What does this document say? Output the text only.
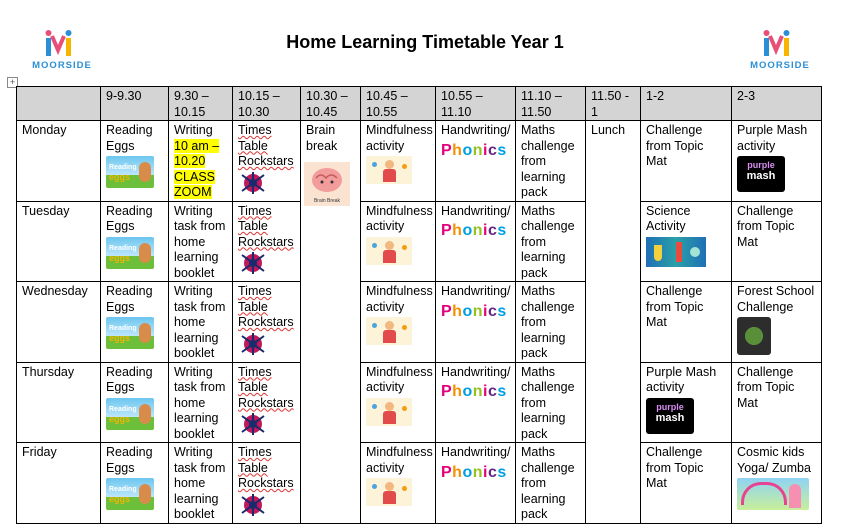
MOORSIDE
Home Learning Timetable Year 1
MOORSIDE
+
	9-9.30	9.30 – 10.15	10.15 – 10.30	10.30 – 10.45	10.45 – 10.55	10.55 – 11.10	11.10 – 11.50	11.50 - 1	1-2	2-3
Monday	Reading Eggs
Reading
eggs	Writing
10 am – 10.20 CLASS ZOOM	Times Table Rockstars	Brain break
Brain Break	Mindfulness activity	Handwriting/
Phonics	Maths challenge from learning pack	Lunch	Challenge from Topic Mat	Purple Mash activity
purple
mash

Tuesday	Reading Eggs
Reading
eggs	Writing task from home learning booklet	Times Table Rockstars		Mindfulness activity	Handwriting/
Phonics	Maths challenge from learning pack		Science Activity	Challenge from Topic Mat
Wednesday	Reading Eggs
Reading
eggs	Writing task from home learning booklet	Times Table Rockstars		Mindfulness activity	Handwriting/
Phonics	Maths challenge from learning pack		Challenge from Topic Mat	Forest School Challenge

Thursday	Reading Eggs
Reading
eggs	Writing task from home learning booklet	Times Table Rockstars		Mindfulness activity	Handwriting/
Phonics	Maths challenge from learning pack		Purple Mash activity
purple
mash	Challenge from Topic Mat
Friday	Reading Eggs
Reading
eggs	Writing task from home learning booklet	Times Table Rockstars		Mindfulness activity	Handwriting/
Phonics	Maths challenge from learning pack		Challenge from Topic Mat	Cosmic kids Yoga/ Zumba
